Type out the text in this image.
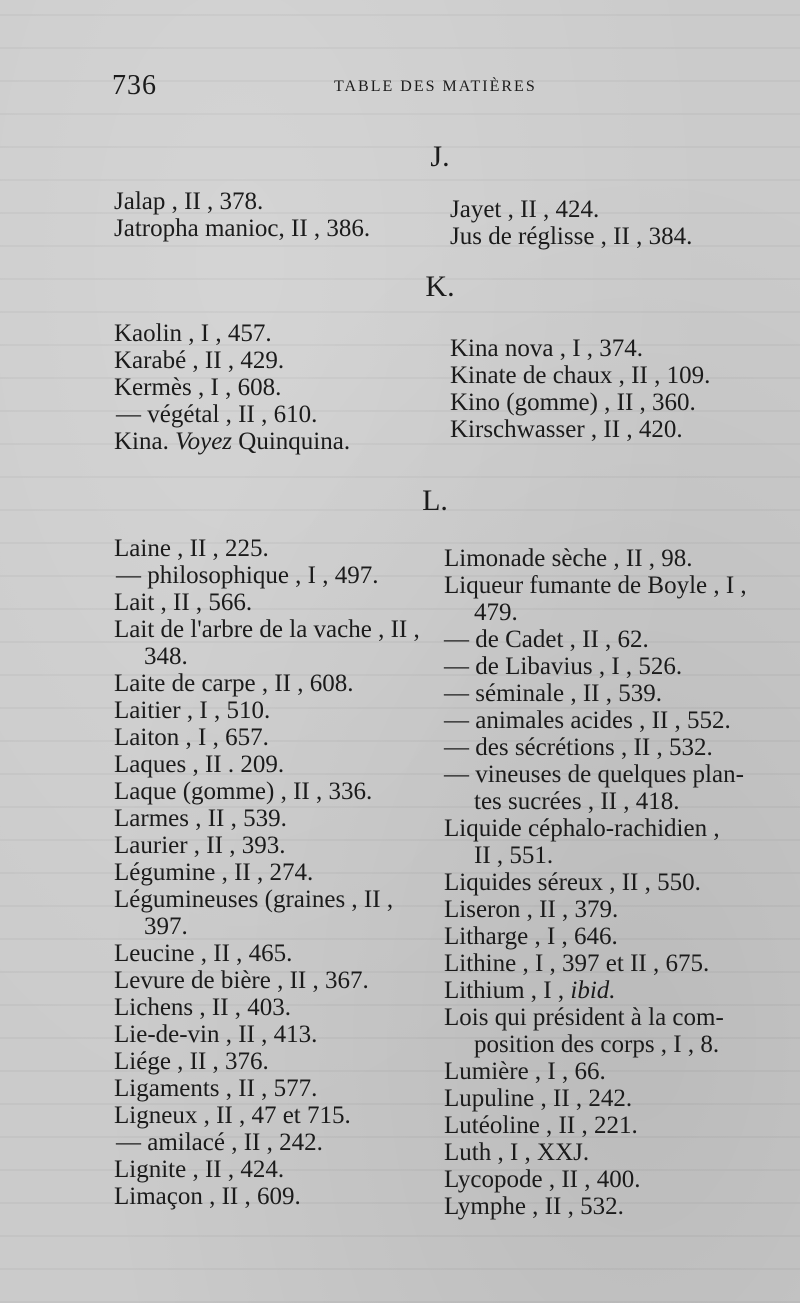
736	TABLE DES MATIÈRES
J.
Jalap , II , 378.
Jatropha manioc, II , 386.
Jayet , II , 424.
Jus de réglisse , II , 384.
K.
Kaolin , I , 457.
Karabé , II , 429.
Kermès , I , 608.
— végétal , II , 610.
Kina. Voyez Quinquina.
Kina nova , I , 374.
Kinate de chaux , II , 109.
Kino (gomme) , II , 360.
Kirschwasser , II , 420.
L.
Laine , II , 225.
— philosophique , I , 497.
Lait , II , 566.
Lait de l'arbre de la vache , II ,
348.
Laite de carpe , II , 608.
Laitier , I , 510.
Laiton , I , 657.
Laques , II . 209.
Laque (gomme) , II , 336.
Larmes , II , 539.
Laurier , II , 393.
Légumine , II , 274.
Légumineuses (graines , II ,
397.
Leucine , II , 465.
Levure de bière , II , 367.
Lichens , II , 403.
Lie-de-vin , II , 413.
Liége , II , 376.
Ligaments , II , 577.
Ligneux , II , 47 et 715.
— amilacé , II , 242.
Lignite , II , 424.
Limaçon , II , 609.
Limonade sèche , II , 98.
Liqueur fumante de Boyle , I ,
479.
— de Cadet , II , 62.
— de Libavius , I , 526.
— séminale , II , 539.
— animales acides , II , 552.
— des sécrétions , II , 532.
— vineuses de quelques plan-
tes sucrées , II , 418.
Liquide céphalo-rachidien ,
II , 551.
Liquides séreux , II , 550.
Liseron , II , 379.
Litharge , I , 646.
Lithine , I , 397 et II , 675.
Lithium , I , ibid.
Lois qui président à la com-
position des corps , I , 8.
Lumière , I , 66.
Lupuline , II , 242.
Lutéoline , II , 221.
Luth , I , XXJ.
Lycopode , II , 400.
Lymphe , II , 532.
